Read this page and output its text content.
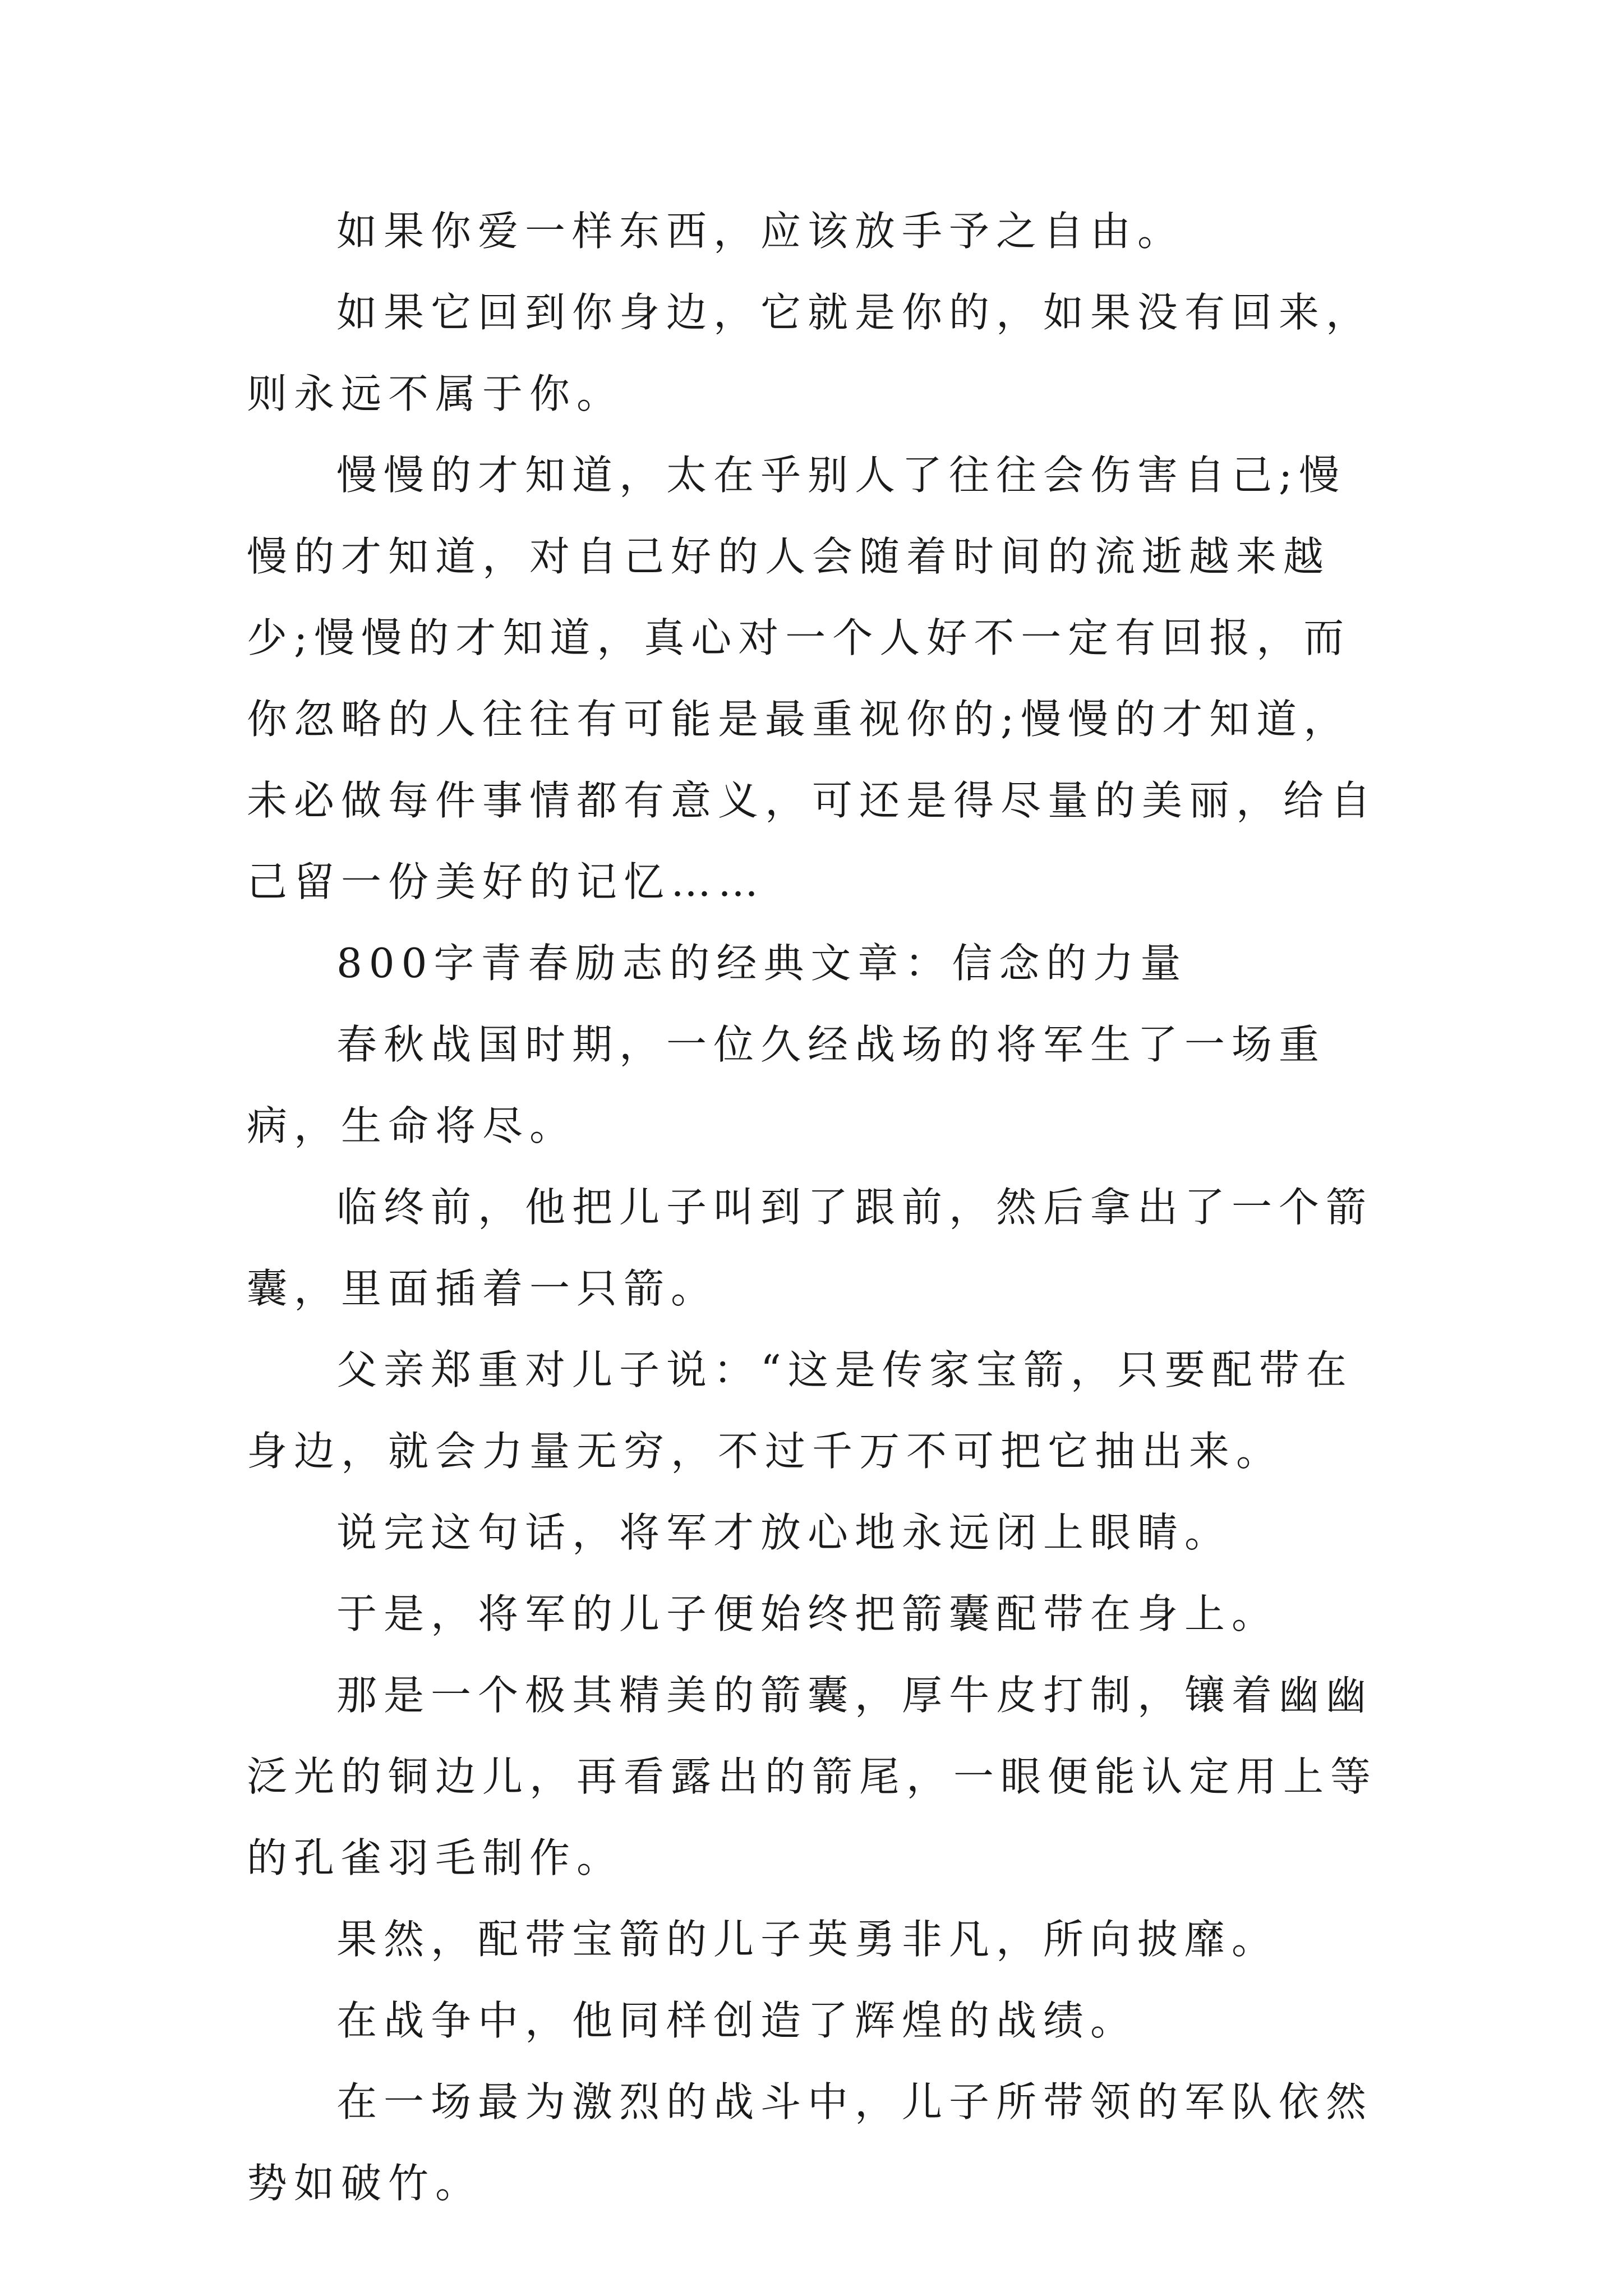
如果你爱一样东西，应该放手予之自由。

如果它回到你身边，它就是你的，如果没有回来，则永远不属于你。

慢慢的才知道，太在乎别人了往往会伤害自己;慢慢的才知道，对自己好的人会随着时间的流逝越来越少;慢慢的才知道，真心对一个人好不一定有回报，而你忽略的人往往有可能是最重视你的;慢慢的才知道，未必做每件事情都有意义，可还是得尽量的美丽，给自己留一份美好的记忆……

800字青春励志的经典文章：信念的力量

春秋战国时期，一位久经战场的将军生了一场重病，生命将尽。

临终前，他把儿子叫到了跟前，然后拿出了一个箭囊，里面插着一只箭。

父亲郑重对儿子说：“这是传家宝箭，只要配带在身边，就会力量无穷，不过千万不可把它抽出来。

说完这句话，将军才放心地永远闭上眼睛。

于是，将军的儿子便始终把箭囊配带在身上。

那是一个极其精美的箭囊，厚牛皮打制，镶着幽幽泛光的铜边儿，再看露出的箭尾，一眼便能认定用上等的孔雀羽毛制作。

果然，配带宝箭的儿子英勇非凡，所向披靡。

在战争中，他同样创造了辉煌的战绩。

在一场最为激烈的战斗中，儿子所带领的军队依然势如破竹。
